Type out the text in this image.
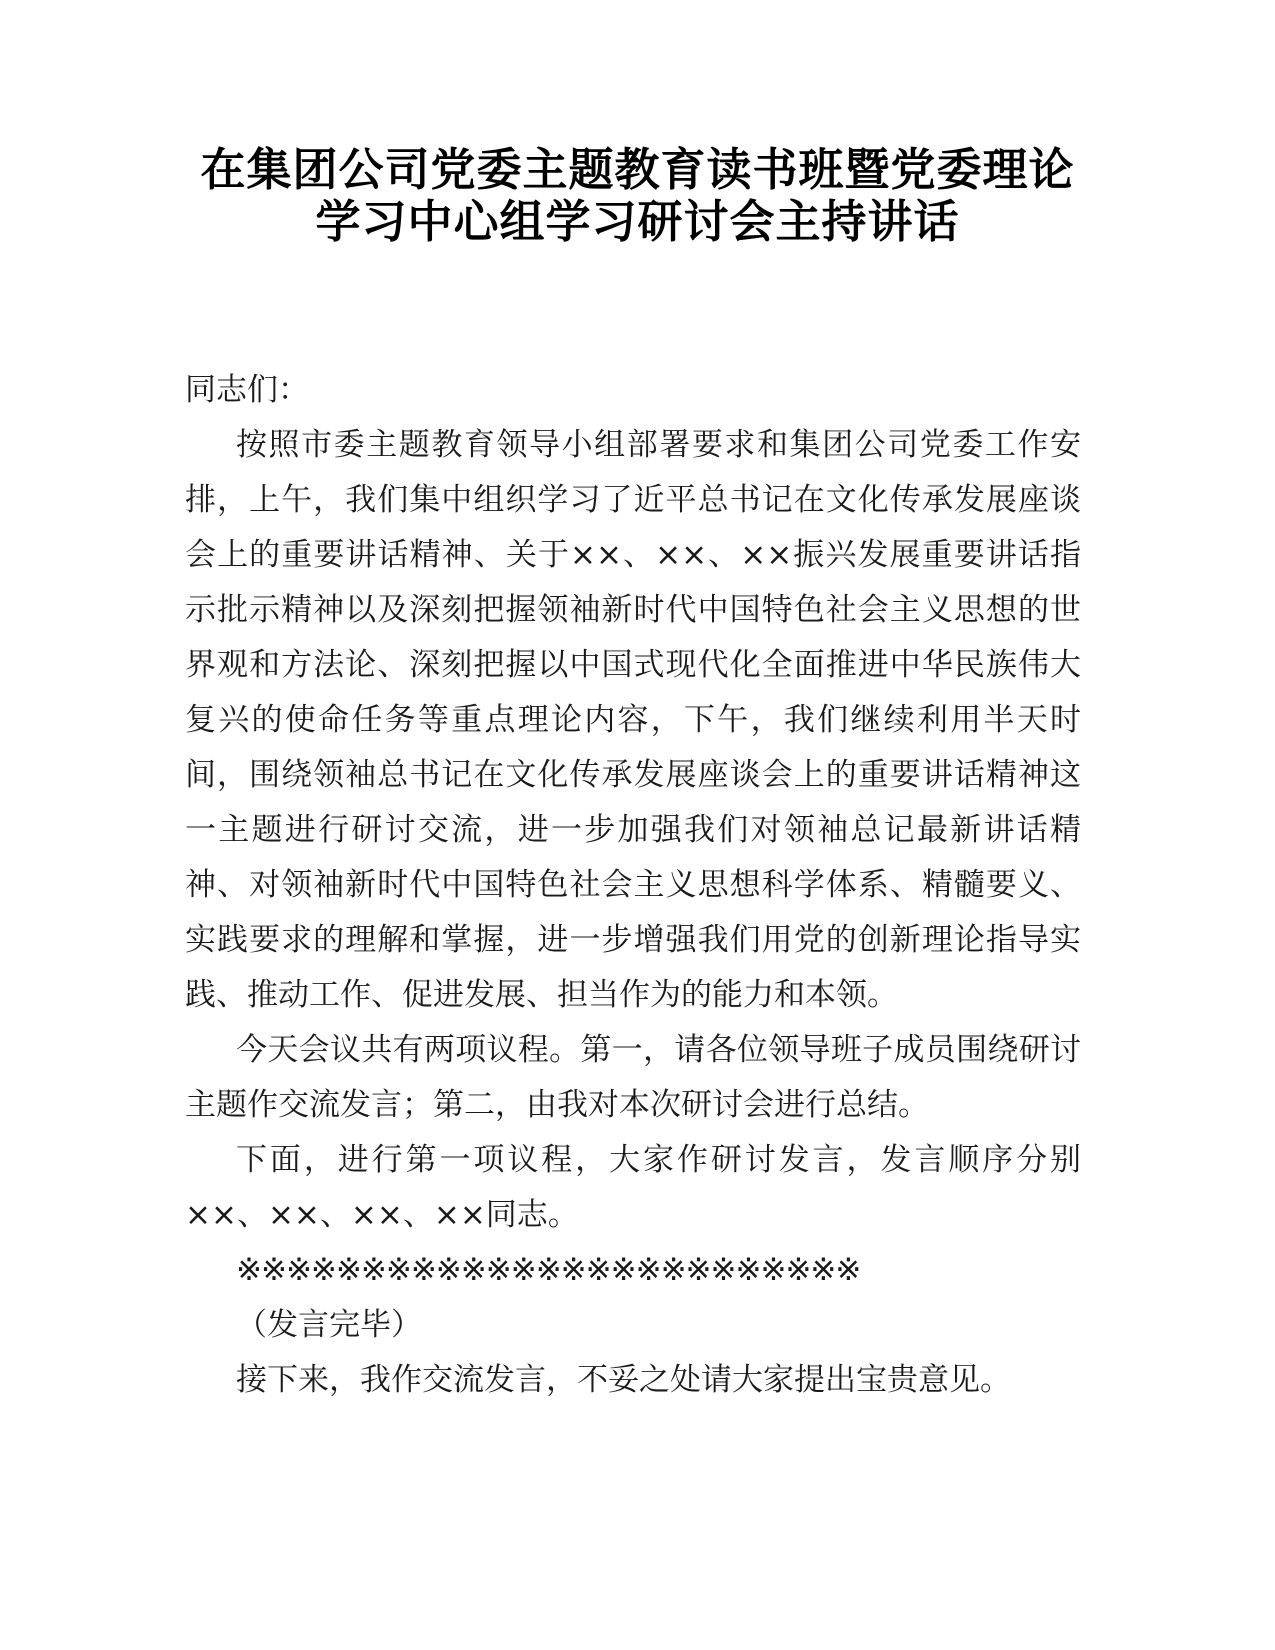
在集团公司党委主题教育读书班暨党委理论
学习中心组学习研讨会主持讲话

同志们：

按照市委主题教育领导小组部署要求和集团公司党委工作安排，上午，我们集中组织学习了近平总书记在文化传承发展座谈会上的重要讲话精神、关于××、××、××振兴发展重要讲话指示批示精神以及深刻把握领袖新时代中国特色社会主义思想的世界观和方法论、深刻把握以中国式现代化全面推进中华民族伟大复兴的使命任务等重点理论内容，下午，我们继续利用半天时间，围绕领袖总书记在文化传承发展座谈会上的重要讲话精神这一主题进行研讨交流，进一步加强我们对领袖总记最新讲话精神、对领袖新时代中国特色社会主义思想科学体系、精髓要义、实践要求的理解和掌握，进一步增强我们用党的创新理论指导实践、推动工作、促进发展、担当作为的能力和本领。

今天会议共有两项议程。第一，请各位领导班子成员围绕研讨主题作交流发言；第二，由我对本次研讨会进行总结。

下面，进行第一项议程，大家作研讨发言，发言顺序分别××、××、××、××同志。

※※※※※※※※※※※※※※※※※※※※※※※※※

（发言完毕）

接下来，我作交流发言，不妥之处请大家提出宝贵意见。
